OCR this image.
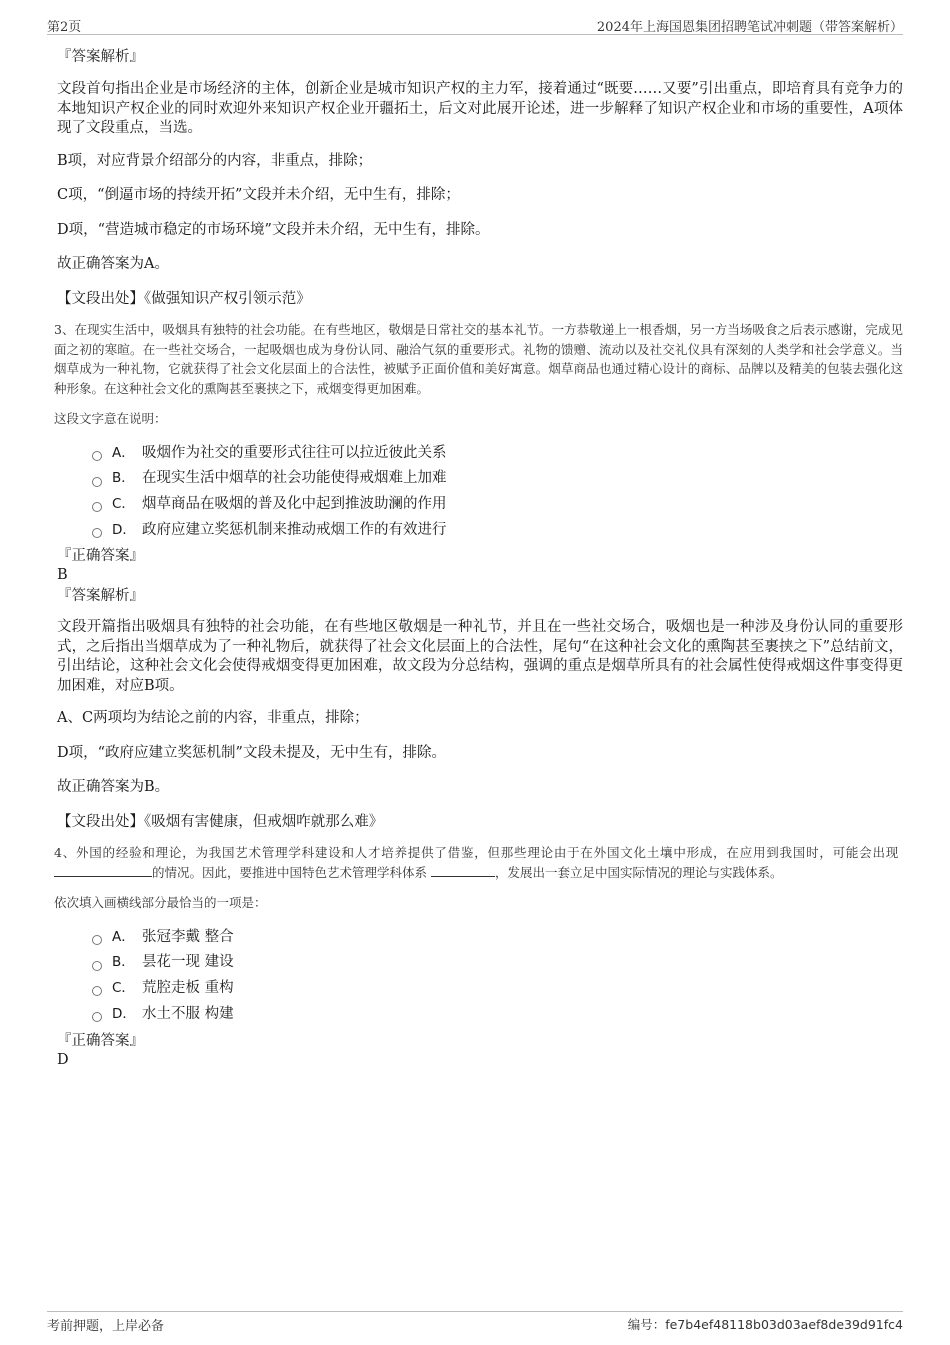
第2页	2024年上海国恩集团招聘笔试冲刺题（带答案解析）
『答案解析』
文段首句指出企业是市场经济的主体，创新企业是城市知识产权的主力军，接着通过“既要……又要”引出重点，即培育具有竞争力的本地知识产权企业的同时欢迎外来知识产权企业开疆拓土，后文对此展开论述，进一步解释了知识产权企业和市场的重要性，A项体现了文段重点，当选。
B项，对应背景介绍部分的内容，非重点，排除；
C项，“倒逼市场的持续开拓”文段并未介绍，无中生有，排除；
D项，“营造城市稳定的市场环境”文段并未介绍，无中生有，排除。
故正确答案为A。
【文段出处】《做强知识产权引领示范》
3、在现实生活中，吸烟具有独特的社会功能。在有些地区，敬烟是日常社交的基本礼节。一方恭敬递上一根香烟，另一方当场吸食之后表示感谢，完成见面之初的寒暄。在一些社交场合，一起吸烟也成为身份认同、融洽气氛的重要形式。礼物的馈赠、流动以及社交礼仪具有深刻的人类学和社会学意义。当烟草成为一种礼物，它就获得了社会文化层面上的合法性，被赋予正面价值和美好寓意。烟草商品也通过精心设计的商标、品牌以及精美的包装去强化这种形象。在这种社会文化的熏陶甚至裹挟之下，戒烟变得更加困难。
这段文字意在说明：
A． 吸烟作为社交的重要形式往往可以拉近彼此关系
B． 在现实生活中烟草的社会功能使得戒烟难上加难
C． 烟草商品在吸烟的普及化中起到推波助澜的作用
D． 政府应建立奖惩机制来推动戒烟工作的有效进行
『正确答案』
B
『答案解析』
文段开篇指出吸烟具有独特的社会功能，在有些地区敬烟是一种礼节，并且在一些社交场合，吸烟也是一种涉及身份认同的重要形式，之后指出当烟草成为了一种礼物后，就获得了社会文化层面上的合法性，尾句“在这种社会文化的熏陶甚至裹挟之下”总结前文，引出结论，这种社会文化会使得戒烟变得更加困难，故文段为分总结构，强调的重点是烟草所具有的社会属性使得戒烟这件事变得更加困难，对应B项。
A、C两项均为结论之前的内容，非重点，排除；
D项，“政府应建立奖惩机制”文段未提及，无中生有，排除。
故正确答案为B。
【文段出处】《吸烟有害健康，但戒烟咋就那么难》
4、外国的经验和理论，为我国艺术管理学科建设和人才培养提供了借鉴，但那些理论由于在外国文化土壤中形成，在应用到我国时，可能会出现的情况。因此，要推进中国特色艺术管理学科体系	，发展出一套立足中国实际情况的理论与实践体系。
依次填入画横线部分最恰当的一项是：
A． 张冠李戴 整合
B． 昙花一现 建设
C． 荒腔走板 重构
D． 水土不服 构建
『正确答案』
D
考前押题，上岸必备	编号：fe7b4ef48118b03d03aef8de39d91fc4
